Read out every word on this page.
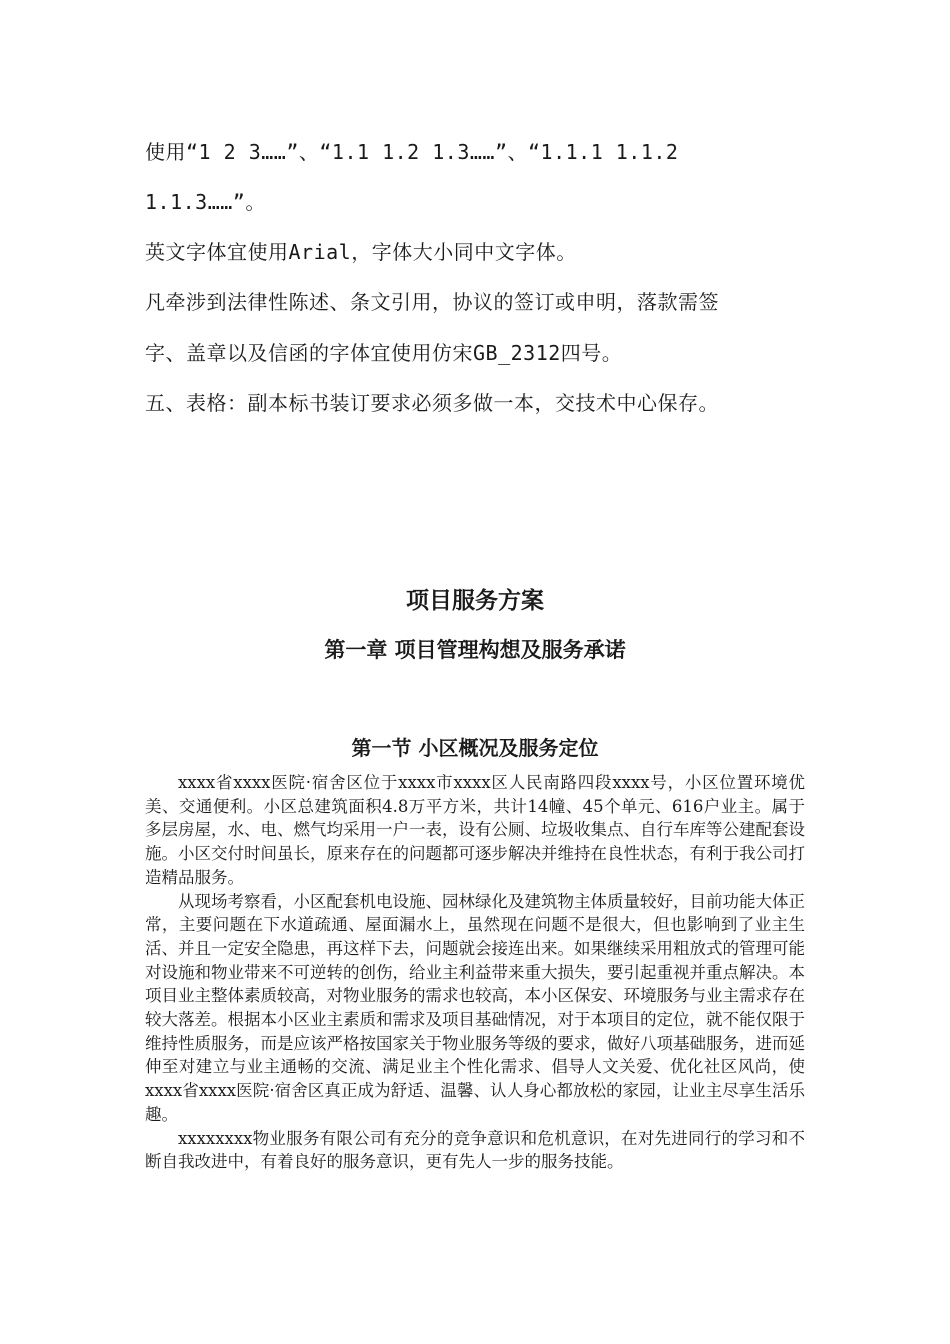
使用“1 2 3……”、“1.1 1.2 1.3……”、“1.1.1 1.1.2
1.1.3……”。
英文字体宜使用Arial，字体大小同中文字体。
凡牵涉到法律性陈述、条文引用，协议的签订或申明，落款需签
字、盖章以及信函的字体宜使用仿宋GB_2312四号。
五、表格：副本标书装订要求必须多做一本，交技术中心保存。
项目服务方案
第一章 项目管理构想及服务承诺
第一节 小区概况及服务定位

xxxx省xxxx医院·宿舍区位于xxxx市xxxx区人民南路四段xxxx号，小区位置环境优美、交通便利。小区总建筑面积4.8万平方米，共计14幢、45个单元、616户业主。属于多层房屋，水、电、燃气均采用一户一表，设有公厕、垃圾收集点、自行车库等公建配套设施。小区交付时间虽长，原来存在的问题都可逐步解决并维持在良性状态，有利于我公司打造精品服务。

从现场考察看，小区配套机电设施、园林绿化及建筑物主体质量较好，目前功能大体正常，主要问题在下水道疏通、屋面漏水上，虽然现在问题不是很大，但也影响到了业主生活、并且一定安全隐患，再这样下去，问题就会接连出来。如果继续采用粗放式的管理可能对设施和物业带来不可逆转的创伤，给业主利益带来重大损失，要引起重视并重点解决。本项目业主整体素质较高，对物业服务的需求也较高，本小区保安、环境服务与业主需求存在较大落差。根据本小区业主素质和需求及项目基础情况，对于本项目的定位，就不能仅限于维持性质服务，而是应该严格按国家关于物业服务等级的要求，做好八项基础服务，进而延伸至对建立与业主通畅的交流、满足业主个性化需求、倡导人文关爱、优化社区风尚，使xxxx省xxxx医院·宿舍区真正成为舒适、温馨、认人身心都放松的家园，让业主尽享生活乐趣。

xxxxxxxx物业服务有限公司有充分的竞争意识和危机意识，在对先进同行的学习和不断自我改进中，有着良好的服务意识，更有先人一步的服务技能。
